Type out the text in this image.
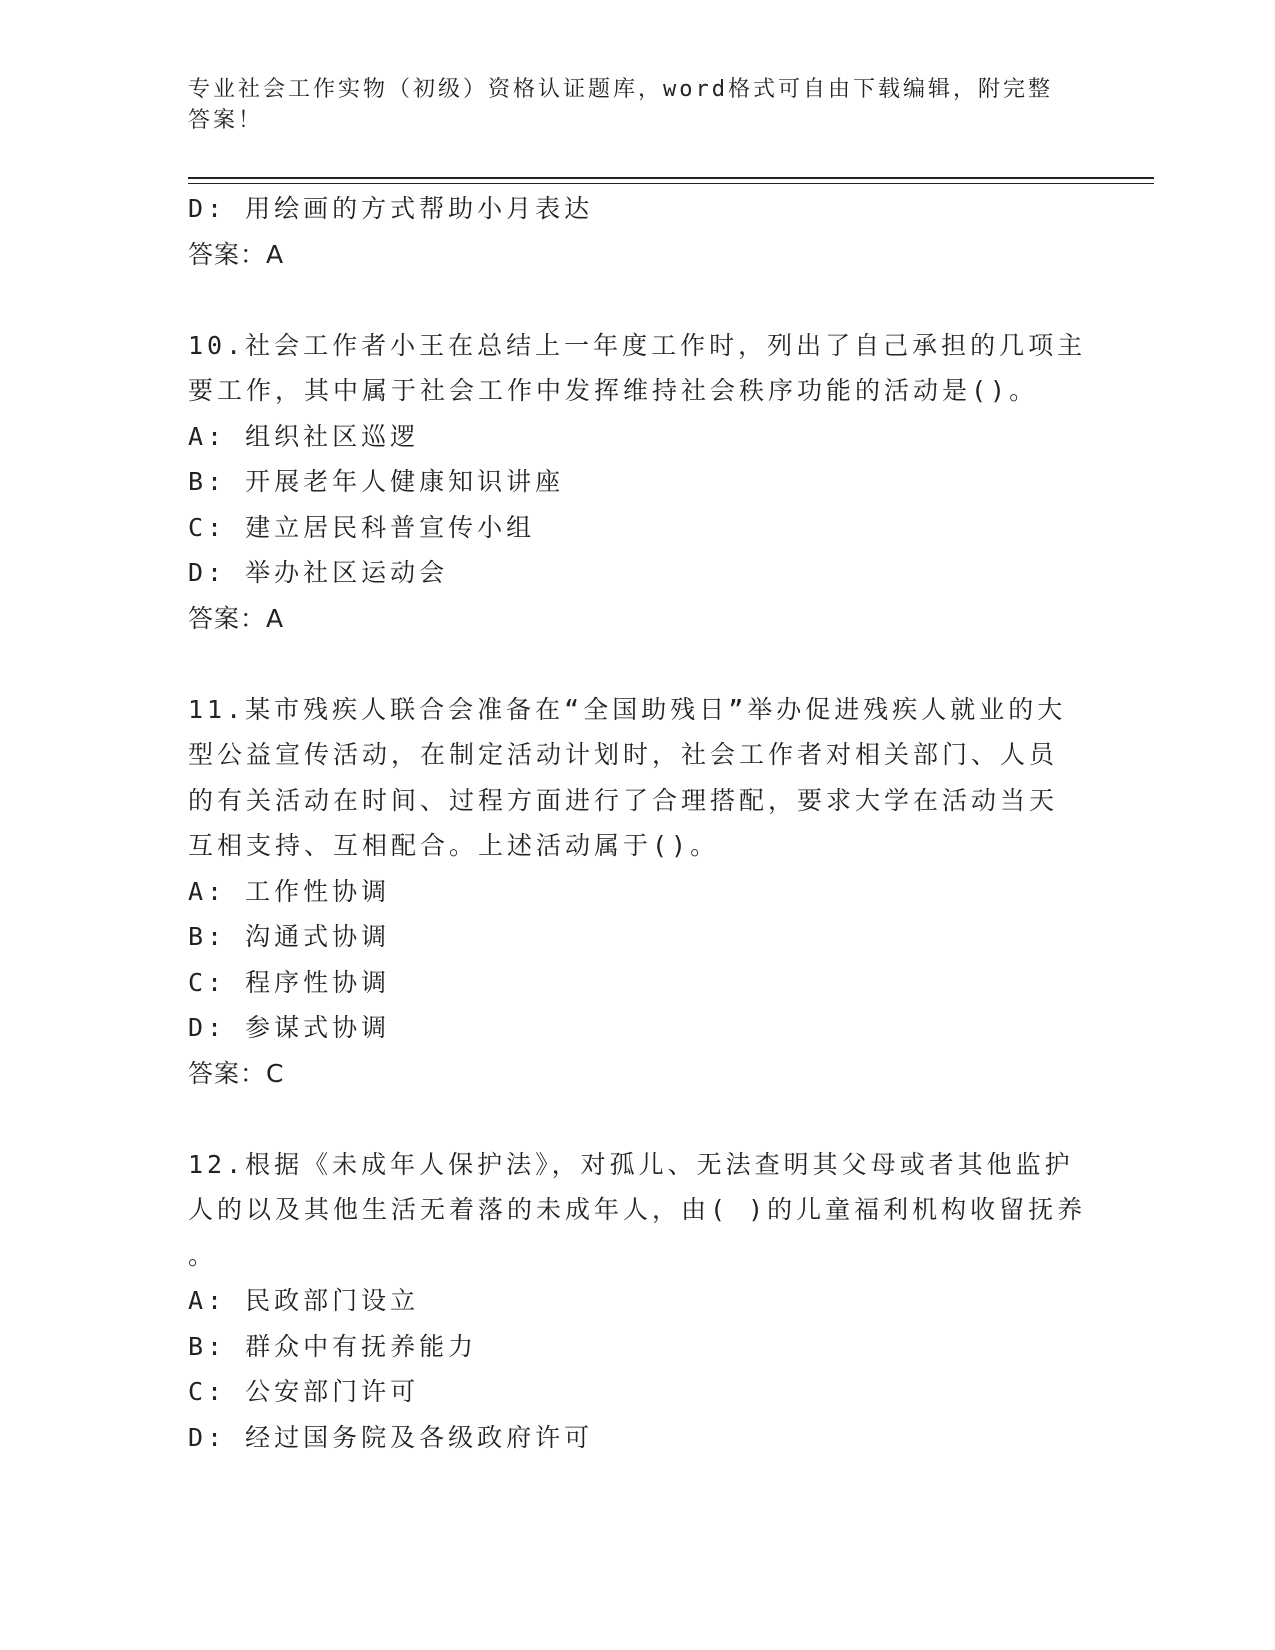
专业社会工作实物（初级）资格认证题库，word格式可自由下载编辑，附完整答案！
D: 用绘画的方式帮助小月表达
答案：A
10.社会工作者小王在总结上一年度工作时，列出了自己承担的几项主
要工作，其中属于社会工作中发挥维持社会秩序功能的活动是()。
A: 组织社区巡逻
B: 开展老年人健康知识讲座
C: 建立居民科普宣传小组
D: 举办社区运动会
答案：A
11.某市残疾人联合会准备在“全国助残日”举办促进残疾人就业的大
型公益宣传活动，在制定活动计划时，社会工作者对相关部门、人员
的有关活动在时间、过程方面进行了合理搭配，要求大学在活动当天
互相支持、互相配合。上述活动属于()。
A: 工作性协调
B: 沟通式协调
C: 程序性协调
D: 参谋式协调
答案：C
12.根据《未成年人保护法》，对孤儿、无法查明其父母或者其他监护
人的以及其他生活无着落的未成年人，由( )的儿童福利机构收留抚养
。
A: 民政部门设立
B: 群众中有抚养能力
C: 公安部门许可
D: 经过国务院及各级政府许可
